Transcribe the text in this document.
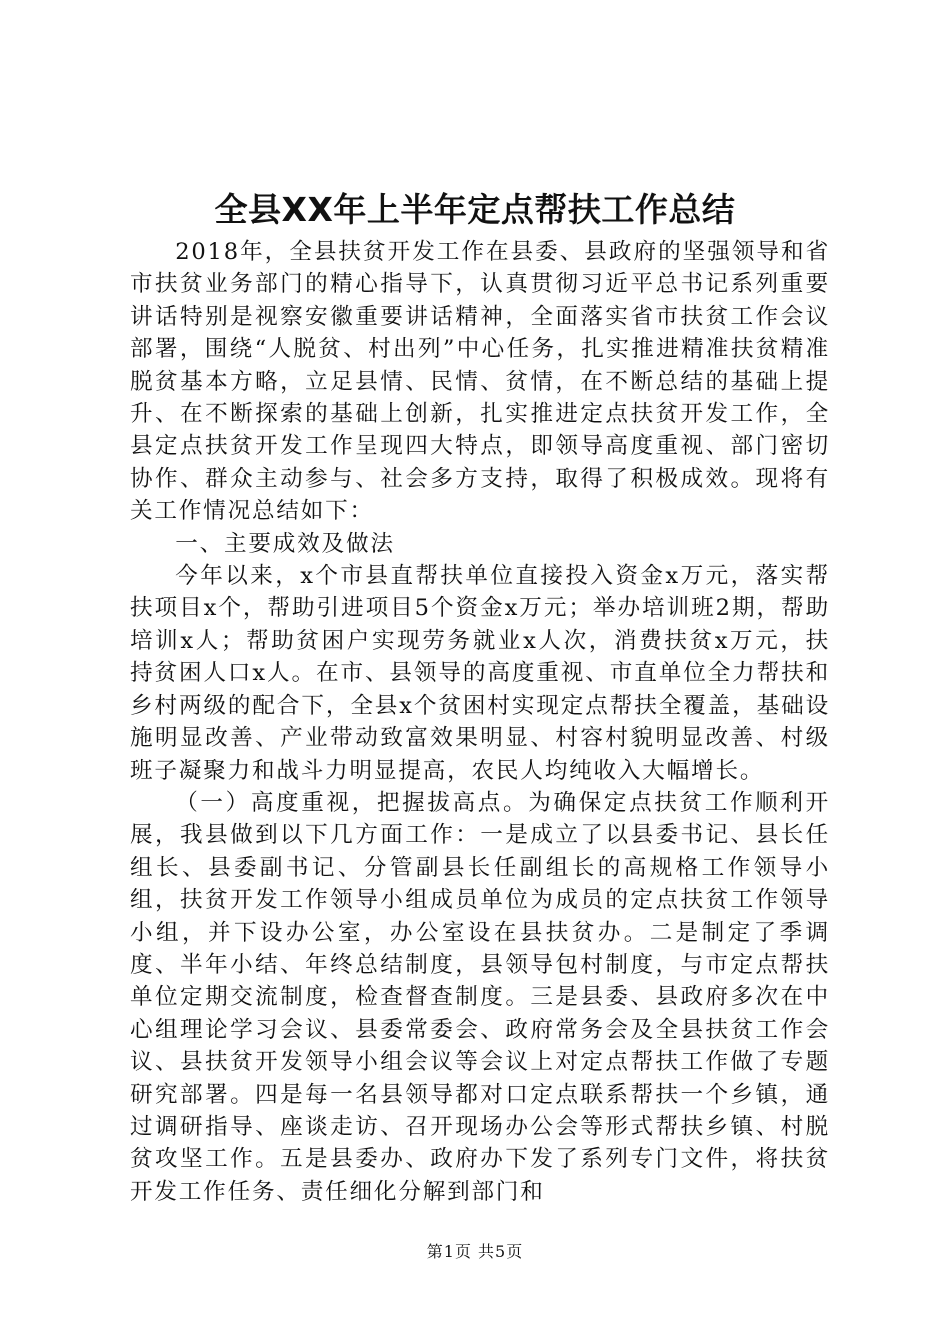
全县XX年上半年定点帮扶工作总结

2018年，全县扶贫开发工作在县委、县政府的坚强领导和省市扶贫业务部门的精心指导下，认真贯彻习近平总书记系列重要讲话特别是视察安徽重要讲话精神，全面落实省市扶贫工作会议部署，围绕“人脱贫、村出列”中心任务，扎实推进精准扶贫精准脱贫基本方略，立足县情、民情、贫情，在不断总结的基础上提升、在不断探索的基础上创新，扎实推进定点扶贫开发工作，全县定点扶贫开发工作呈现四大特点，即领导高度重视、部门密切协作、群众主动参与、社会多方支持，取得了积极成效。现将有关工作情况总结如下：

一、主要成效及做法

今年以来，x个市县直帮扶单位直接投入资金x万元，落实帮扶项目x个，帮助引进项目5个资金x万元；举办培训班2期，帮助培训x人；帮助贫困户实现劳务就业x人次，消费扶贫x万元，扶持贫困人口x人。在市、县领导的高度重视、市直单位全力帮扶和乡村两级的配合下，全县x个贫困村实现定点帮扶全覆盖，基础设施明显改善、产业带动致富效果明显、村容村貌明显改善、村级班子凝聚力和战斗力明显提高，农民人均纯收入大幅增长。

（一）高度重视，把握拔高点。为确保定点扶贫工作顺利开展，我县做到以下几方面工作：一是成立了以县委书记、县长任组长、县委副书记、分管副县长任副组长的高规格工作领导小组，扶贫开发工作领导小组成员单位为成员的定点扶贫工作领导小组，并下设办公室，办公室设在县扶贫办。二是制定了季调度、半年小结、年终总结制度，县领导包村制度，与市定点帮扶单位定期交流制度，检查督查制度。三是县委、县政府多次在中心组理论学习会议、县委常委会、政府常务会及全县扶贫工作会议、县扶贫开发领导小组会议等会议上对定点帮扶工作做了专题研究部署。四是每一名县领导都对口定点联系帮扶一个乡镇，通过调研指导、座谈走访、召开现场办公会等形式帮扶乡镇、村脱贫攻坚工作。五是县委办、政府办下发了系列专门文件，将扶贫开发工作任务、责任细化分解到部门和

第1页 共5页
